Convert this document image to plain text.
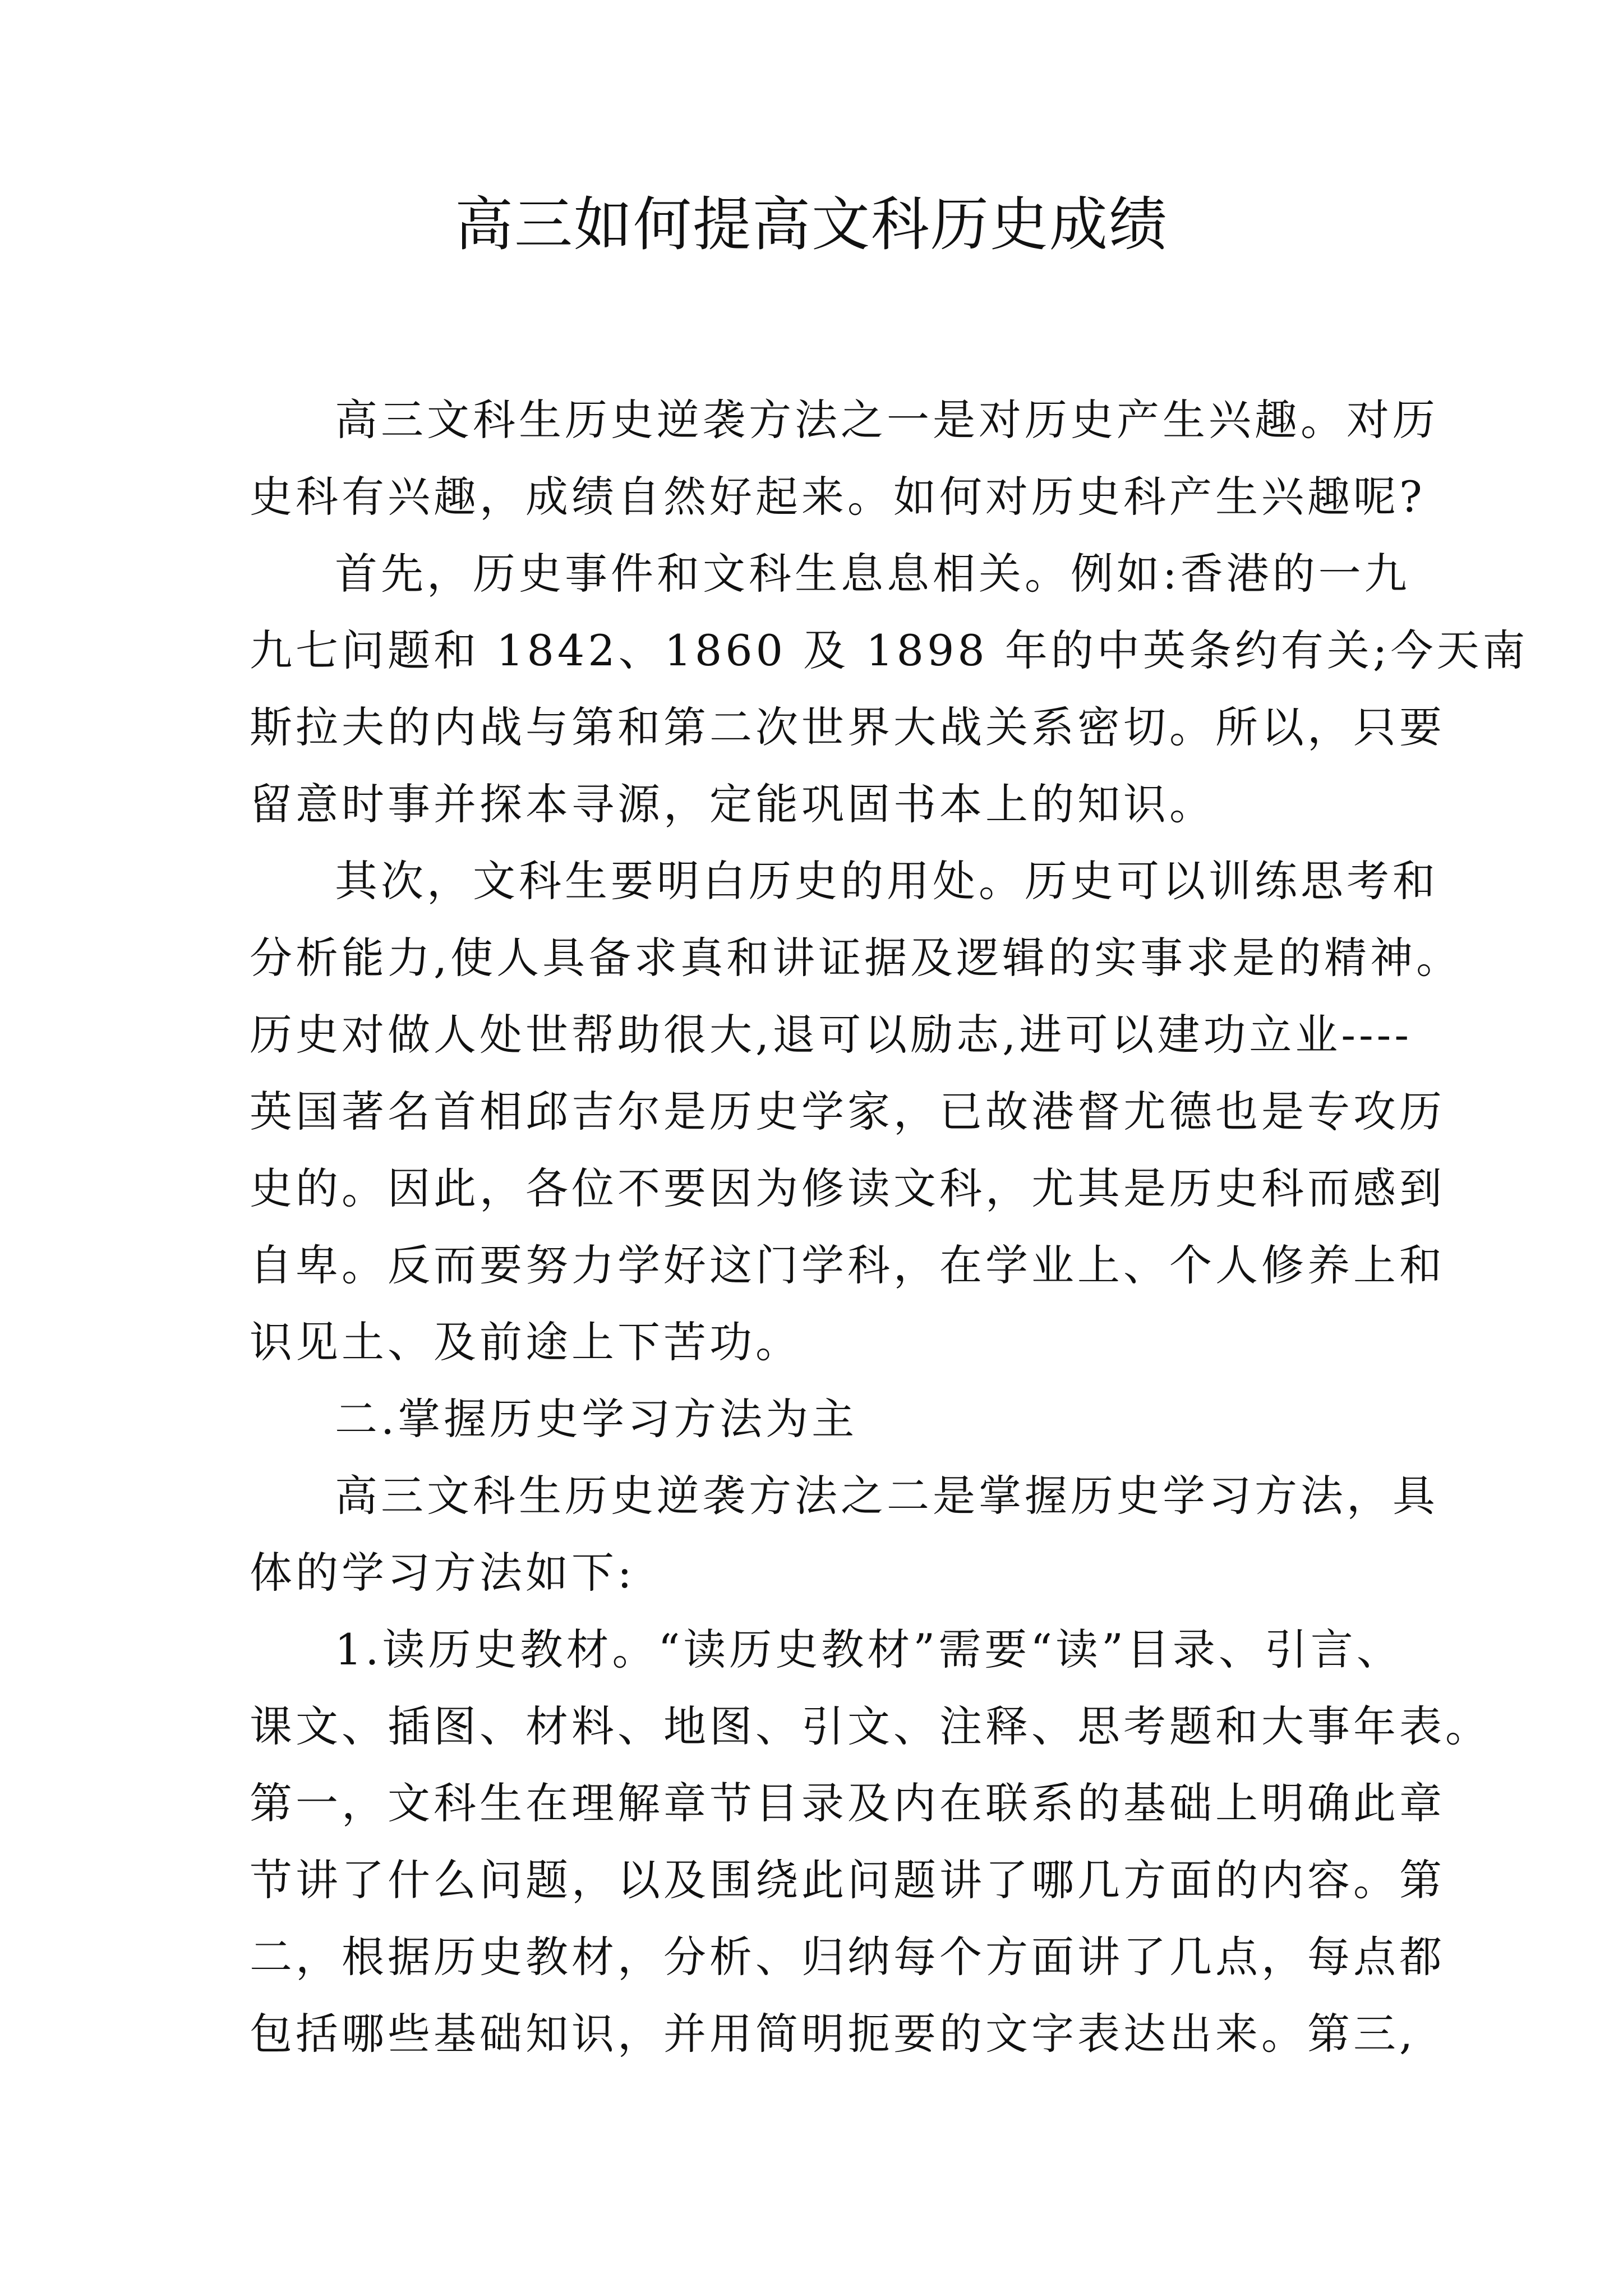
高三如何提高文科历史成绩
高三文科生历史逆袭方法之一是对历史产生兴趣。对历
史科有兴趣，成绩自然好起来。如何对历史科产生兴趣呢?
首先，历史事件和文科生息息相关。例如:香港的一九
九七问题和 1842、1860 及 1898 年的中英条约有关;今天南
斯拉夫的内战与第和第二次世界大战关系密切。所以，只要
留意时事并探本寻源，定能巩固书本上的知识。
其次，文科生要明白历史的用处。历史可以训练思考和
分析能力,使人具备求真和讲证据及逻辑的实事求是的精神。
历史对做人处世帮助很大,退可以励志,进可以建功立业----
英国著名首相邱吉尔是历史学家，已故港督尤德也是专攻历
史的。因此，各位不要因为修读文科，尤其是历史科而感到
自卑。反而要努力学好这门学科，在学业上、个人修养上和
识见土、及前途上下苦功。
二.掌握历史学习方法为主
高三文科生历史逆袭方法之二是掌握历史学习方法，具
体的学习方法如下:
1.读历史教材。“读历史教材”需要“读”目录、引言、
课文、插图、材料、地图、引文、注释、思考题和大事年表。
第一，文科生在理解章节目录及内在联系的基础上明确此章
节讲了什么问题，以及围绕此问题讲了哪几方面的内容。第
二，根据历史教材，分析、归纳每个方面讲了几点，每点都
包括哪些基础知识，并用简明扼要的文字表达出来。第三,
